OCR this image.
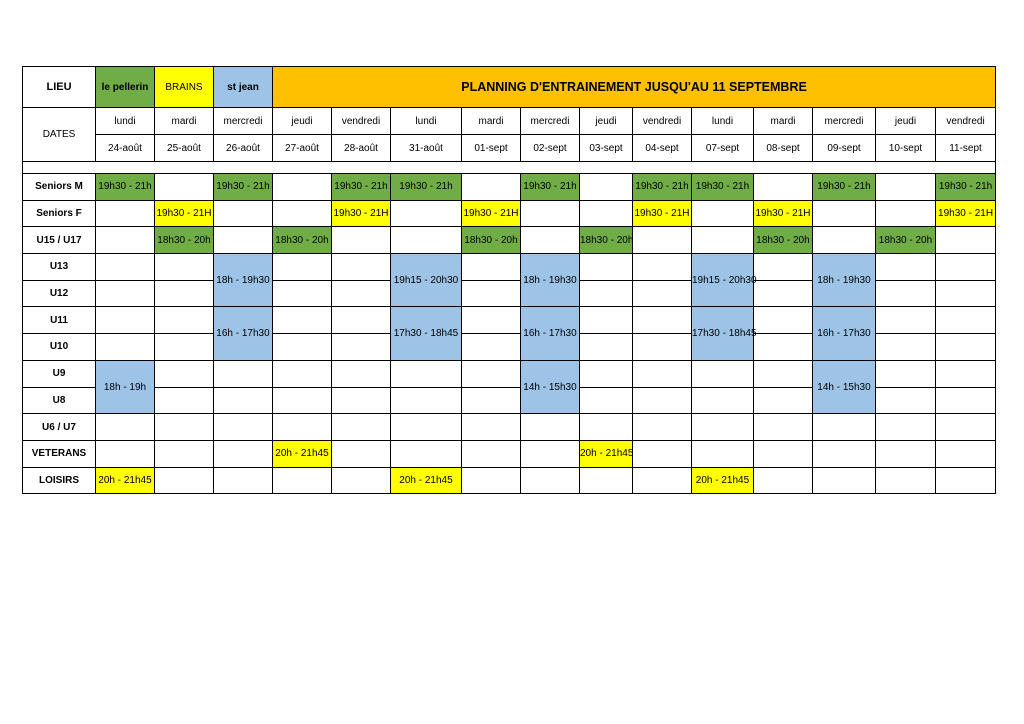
LIEU	le pellerin	BRAINS	st jean	PLANNING D'ENTRAINEMENT JUSQU'AU 11 SEPTEMBRE											
DATES	lundi	mardi	mercredi	jeudi	vendredi	lundi	mardi	mercredi	jeudi	vendredi	lundi	mardi	mercredi	jeudi	vendredi
	24-août	25-août	26-août	27-août	28-août	31-août	01-sept	02-sept	03-sept	04-sept	07-sept	08-sept	09-sept	10-sept	11-sept

Seniors M	19h30 - 21h		19h30 - 21h		19h30 - 21h	19h30 - 21h		19h30 - 21h		19h30 - 21h	19h30 - 21h		19h30 - 21h		19h30 - 21h
Seniors F		19h30 - 21H			19h30 - 21H		19h30 - 21H			19h30 - 21H		19h30 - 21H			19h30 - 21H
U15 / U17		18h30 - 20h		18h30 - 20h			18h30 - 20h		18h30 - 20h			18h30 - 20h		18h30 - 20h	
U13			18h - 19h30			19h15 - 20h30		18h - 19h30			19h15 - 20h30		18h - 19h30		
U12															
U11			16h - 17h30			17h30 - 18h45		16h - 17h30			17h30 - 18h45		16h - 17h30		
U10															
U9	18h - 19h							14h - 15h30					14h - 15h30		
U8															
U6 / U7															
VETERANS				20h - 21h45					20h - 21h45						
LOISIRS	20h - 21h45					20h - 21h45					20h - 21h45				
